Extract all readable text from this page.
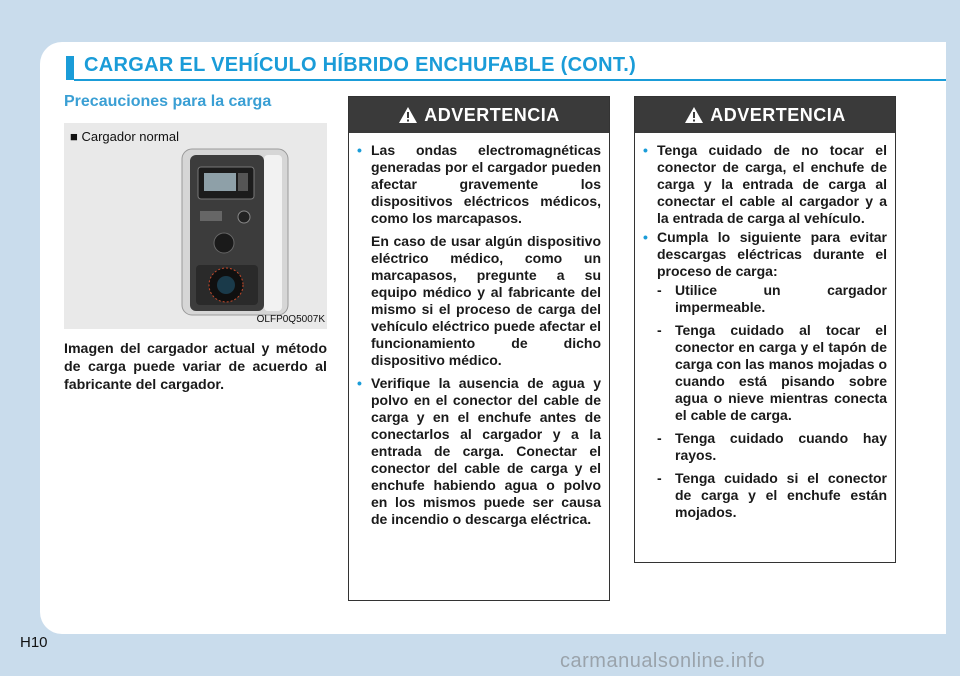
CARGAR EL VEHÍCULO HÍBRIDO ENCHUFABLE (CONT.)
Precauciones para la carga
■ Cargador normal
OLFP0Q5007K
Imagen del cargador actual y método de carga puede variar de acuerdo al fabricante del cargador.
ADVERTENCIA
• Las ondas electromagnéticas generadas por el cargador pueden afectar gravemente los dispositivos eléctricos médicos, como los marcapasos.
En caso de usar algún dispositivo eléctrico médico, como un marcapasos, pregunte a su equipo médico y al fabricante del mismo si el proceso de carga del vehículo eléctrico puede afectar el funcionamiento de dicho dispositivo médico.
• Verifique la ausencia de agua y polvo en el conector del cable de carga y en el enchufe antes de conectarlos al cargador y a la entrada de carga. Conectar el conector del cable de carga y el enchufe habiendo agua o polvo en los mismos puede ser causa de incendio o descarga eléctrica.
ADVERTENCIA
• Tenga cuidado de no tocar el conector de carga, el enchufe de carga y la entrada de carga al conectar el cable al cargador y a la entrada de carga al vehículo.
• Cumpla lo siguiente para evitar descargas eléctricas durante el proceso de carga:
- Utilice un cargador impermeable.
- Tenga cuidado al tocar el conector en carga y el tapón de carga con las manos mojadas o cuando está pisando sobre agua o nieve mientras conecta el cable de carga.
- Tenga cuidado cuando hay rayos.
- Tenga cuidado si el conector de carga y el enchufe están mojados.
H10
carmanualsonline.info
